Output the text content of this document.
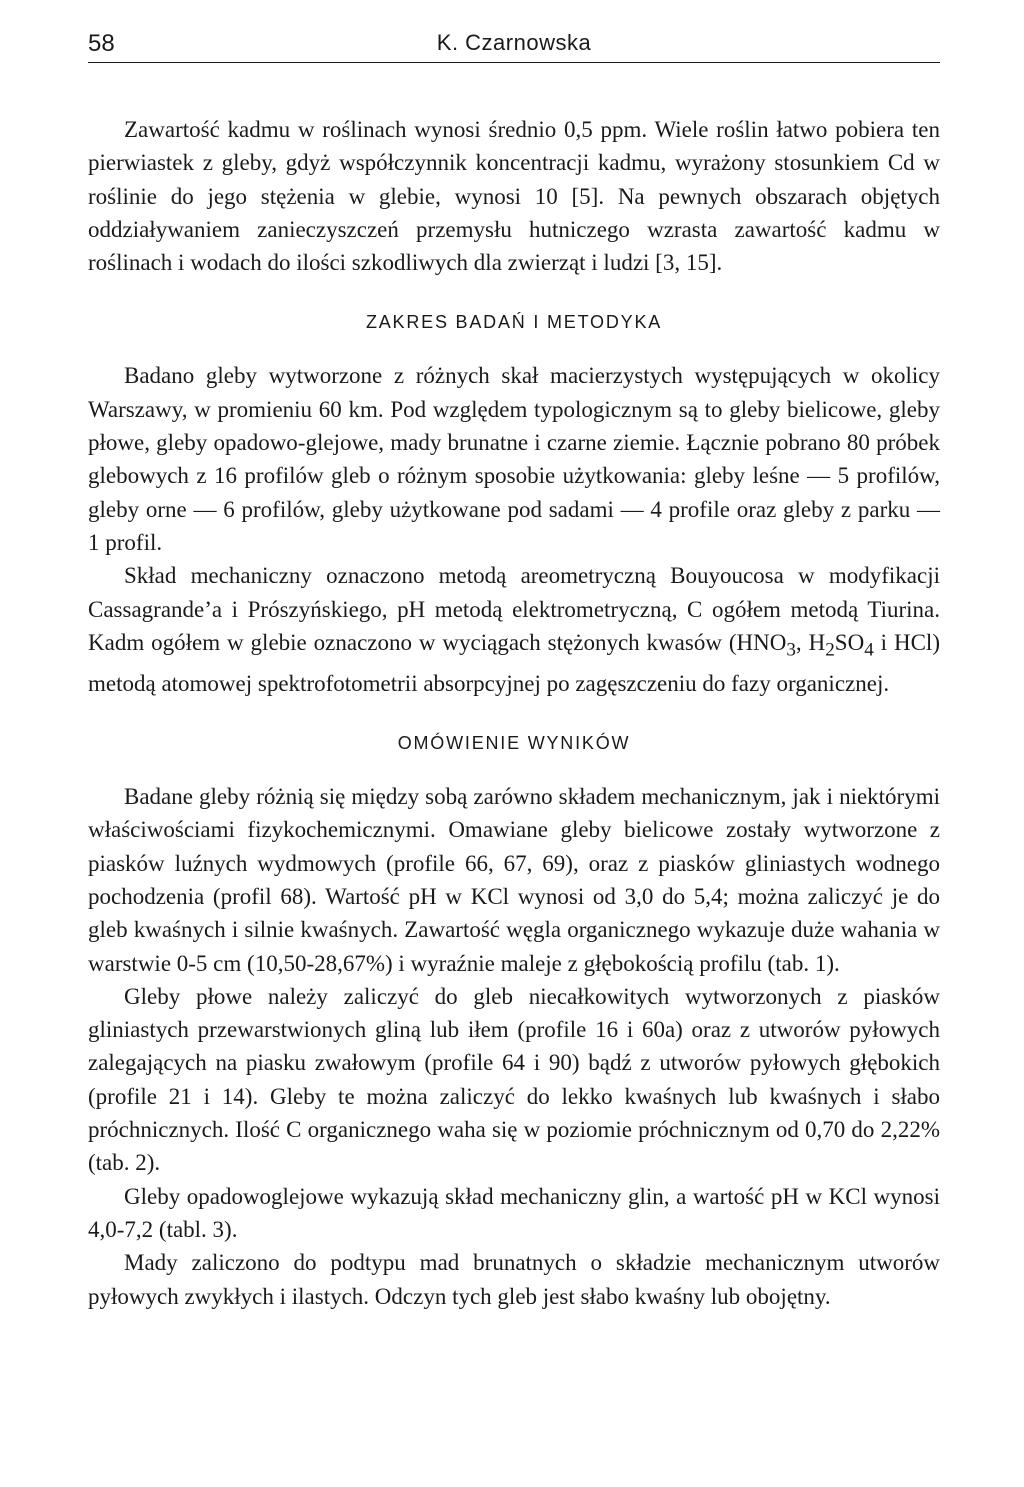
58	K. Czarnowska

Zawartość kadmu w roślinach wynosi średnio 0,5 ppm. Wiele roślin łatwo pobiera ten pierwiastek z gleby, gdyż współczynnik koncentracji kadmu, wyrażony stosunkiem Cd w roślinie do jego stężenia w glebie, wynosi 10 [5]. Na pewnych obszarach objętych oddziaływaniem zanieczyszczeń przemysłu hutniczego wzrasta zawartość kadmu w roślinach i wodach do ilości szkodliwych dla zwierząt i ludzi [3, 15].

ZAKRES BADAŃ I METODYKA

Badano gleby wytworzone z różnych skał macierzystych występujących w okolicy Warszawy, w promieniu 60 km. Pod względem typologicznym są to gleby bielicowe, gleby płowe, gleby opadowo-glejowe, mady brunatne i czarne ziemie. Łącznie pobrano 80 próbek glebowych z 16 profilów gleb o różnym sposobie użytkowania: gleby leśne — 5 profilów, gleby orne — 6 profilów, gleby użytkowane pod sadami — 4 profile oraz gleby z parku — 1 profil.

Skład mechaniczny oznaczono metodą areometryczną Bouyoucosa w modyfikacji Cassagrande’a i Prószyńskiego, pH metodą elektrometryczną, C ogółem metodą Tiurina. Kadm ogółem w glebie oznaczono w wyciągach stężonych kwasów ($HNO_3$, $H_2SO_4$ i HCl) metodą atomowej spektrofotometrii absorpcyjnej po zagęszczeniu do fazy organicznej.

OMÓWIENIE WYNIKÓW

Badane gleby różnią się między sobą zarówno składem mechanicznym, jak i niektórymi właściwościami fizykochemicznymi. Omawiane gleby bielicowe zostały wytworzone z piasków luźnych wydmowych (profile 66, 67, 69), oraz z piasków gliniastych wodnego pochodzenia (profil 68). Wartość pH w KCl wynosi od 3,0 do 5,4; można zaliczyć je do gleb kwaśnych i silnie kwaśnych. Zawartość węgla organicznego wykazuje duże wahania w warstwie 0-5 cm (10,50-28,67%) i wyraźnie maleje z głębokością profilu (tab. 1).

Gleby płowe należy zaliczyć do gleb niecałkowitych wytworzonych z piasków gliniastych przewarstwionych gliną lub iłem (profile 16 i 60a) oraz z utworów pyłowych zalegających na piasku zwałowym (profile 64 i 90) bądź z utworów pyłowych głębokich (profile 21 i 14). Gleby te można zaliczyć do lekko kwaśnych lub kwaśnych i słabo próchnicznych. Ilość C organicznego waha się w poziomie próchnicznym od 0,70 do 2,22% (tab. 2).

Gleby opadowoglejowe wykazują skład mechaniczny glin, a wartość pH w KCl wynosi 4,0-7,2 (tabl. 3).

Mady zaliczono do podtypu mad brunatnych o składzie mechanicznym utworów pyłowych zwykłych i ilastych. Odczyn tych gleb jest słabo kwaśny lub obojętny.
